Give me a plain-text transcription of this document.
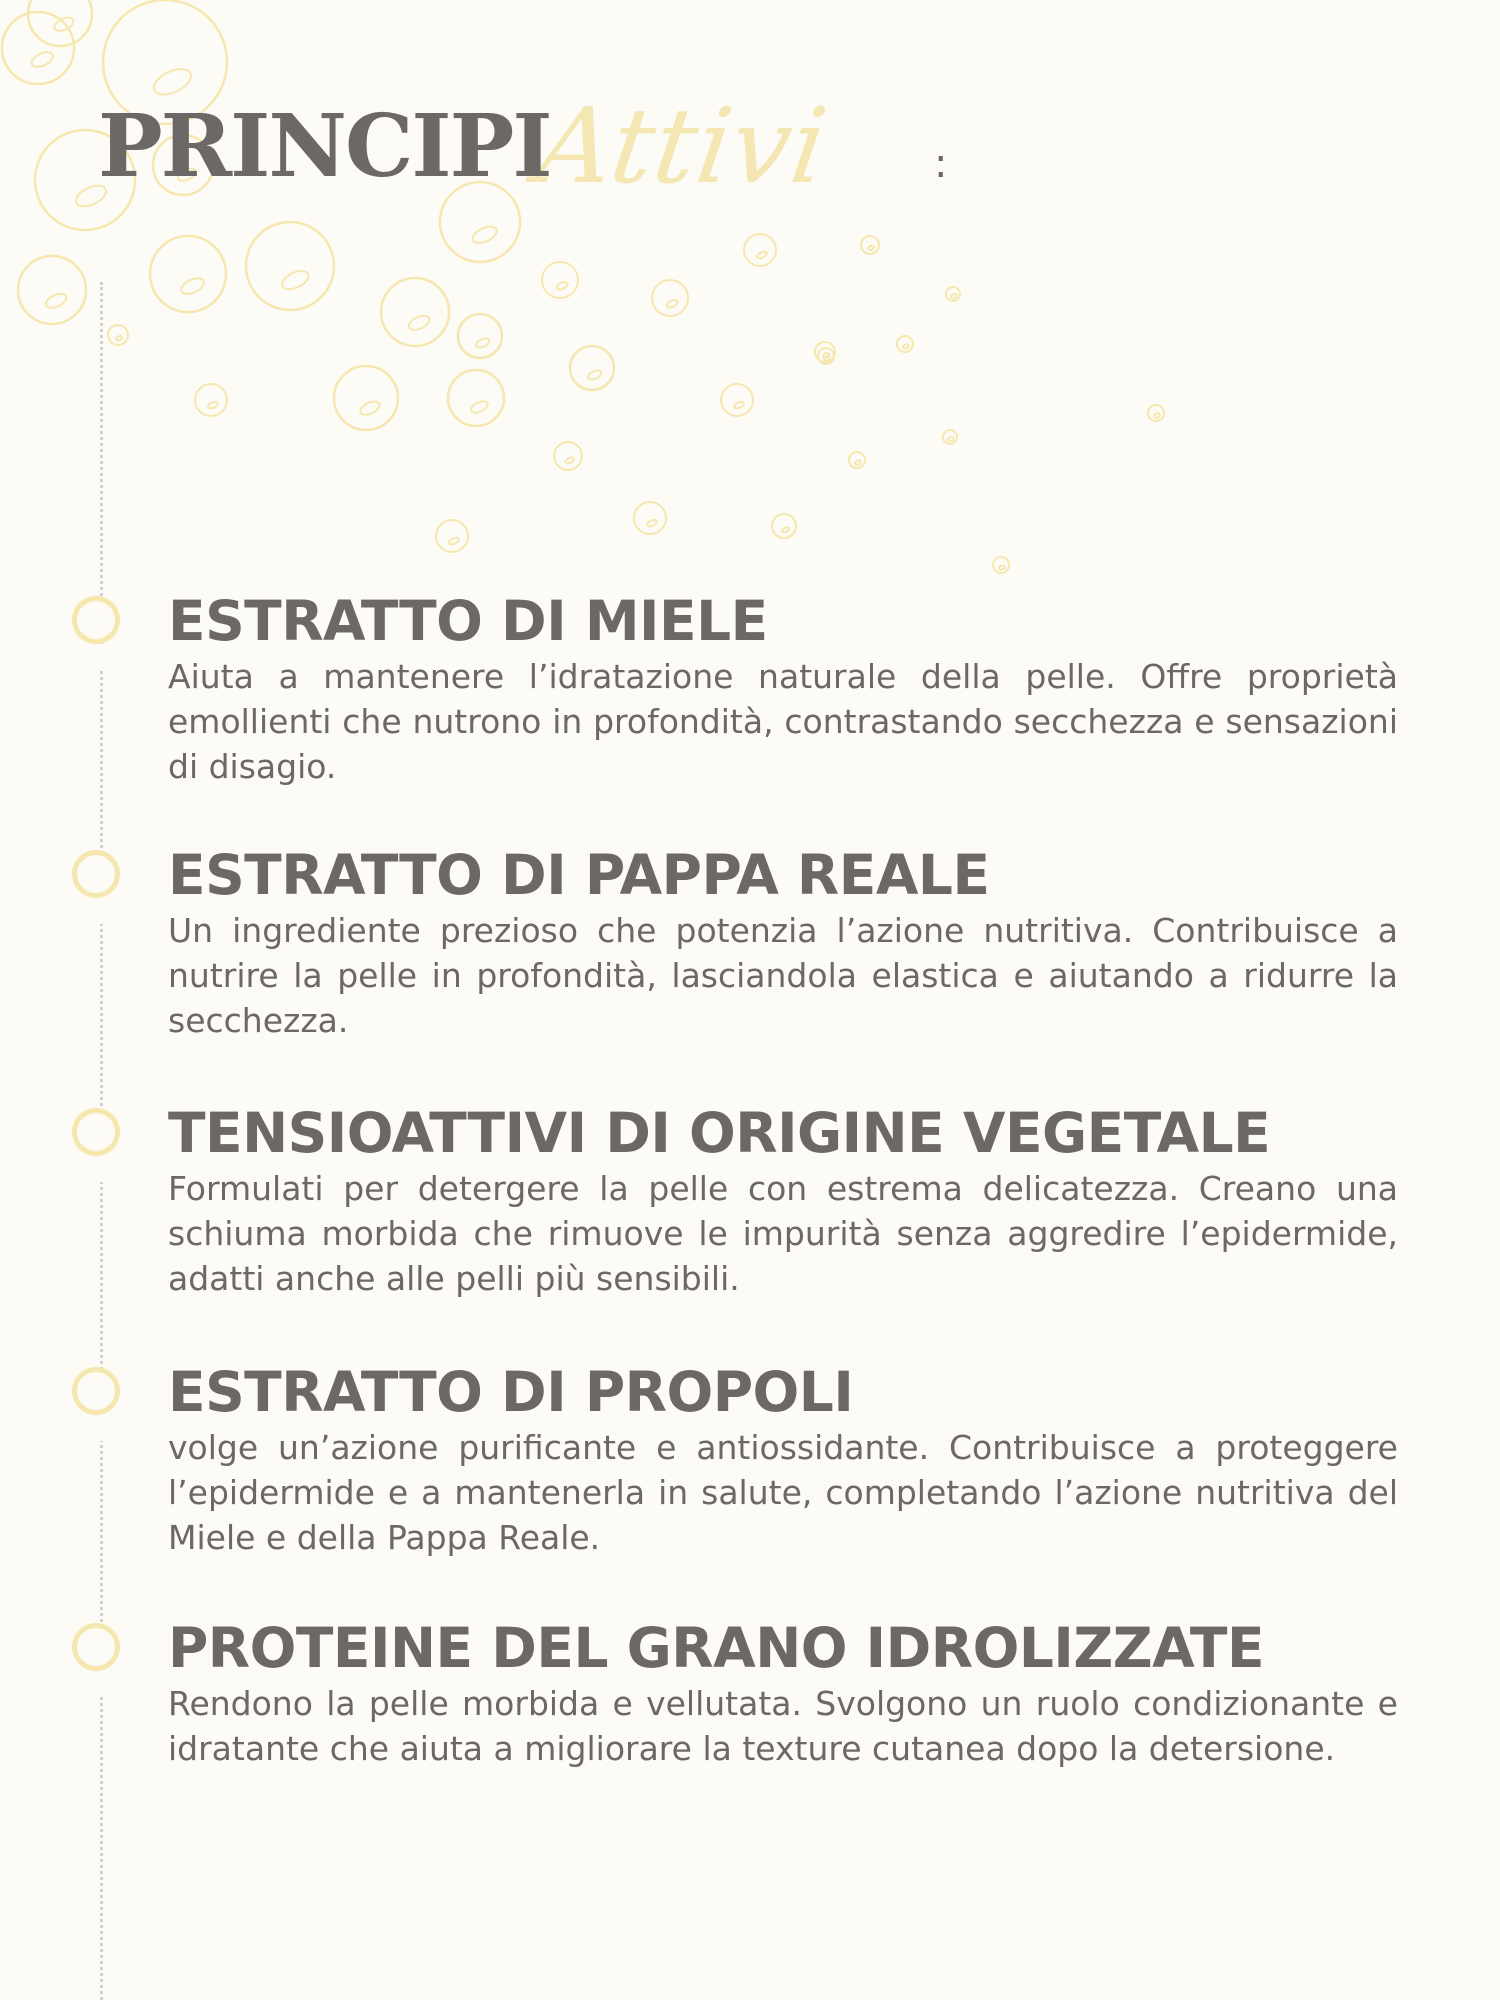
Attivi
PRINCIPI	:
ESTRATTO DI MIELE

Aiuta a mantenere l’idratazione naturale della pelle. Offre proprietà emollienti che nutrono in profondità, contrastando secchezza e sensazioni di disagio.

ESTRATTO DI PAPPA REALE

Un ingrediente prezioso che potenzia l’azione nutritiva. Contribuisce a nutrire la pelle in profondità, lasciandola elastica e aiutando a ridurre la secchezza.

TENSIOATTIVI DI ORIGINE VEGETALE

Formulati per detergere la pelle con estrema delicatezza. Creano una schiuma morbida che rimuove le impurità senza aggredire l’epidermide, adatti anche alle pelli più sensibili.

ESTRATTO DI PROPOLI

volge un’azione purificante e antiossidante. Contribuisce a proteggere l’epidermide e a mantenerla in salute, completando l’azione nutritiva del Miele e della Pappa Reale.

PROTEINE DEL GRANO IDROLIZZATE

Rendono la pelle morbida e vellutata. Svolgono un ruolo condizionante e idratante che aiuta a migliorare la texture cutanea dopo la detersione.
